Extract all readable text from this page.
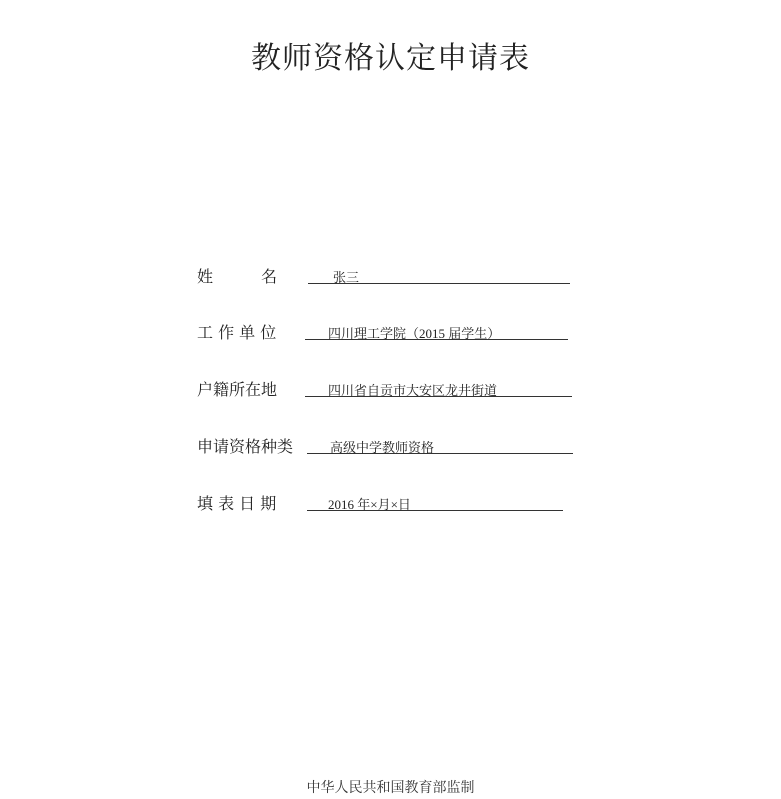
教师资格认定申请表
姓　　　名	张三
工 作 单 位	四川理工学院（2015 届学生）
户籍所在地	四川省自贡市大安区龙井街道
申请资格种类	高级中学教师资格
填 表 日 期	2016 年×月×日
中华人民共和国教育部监制
